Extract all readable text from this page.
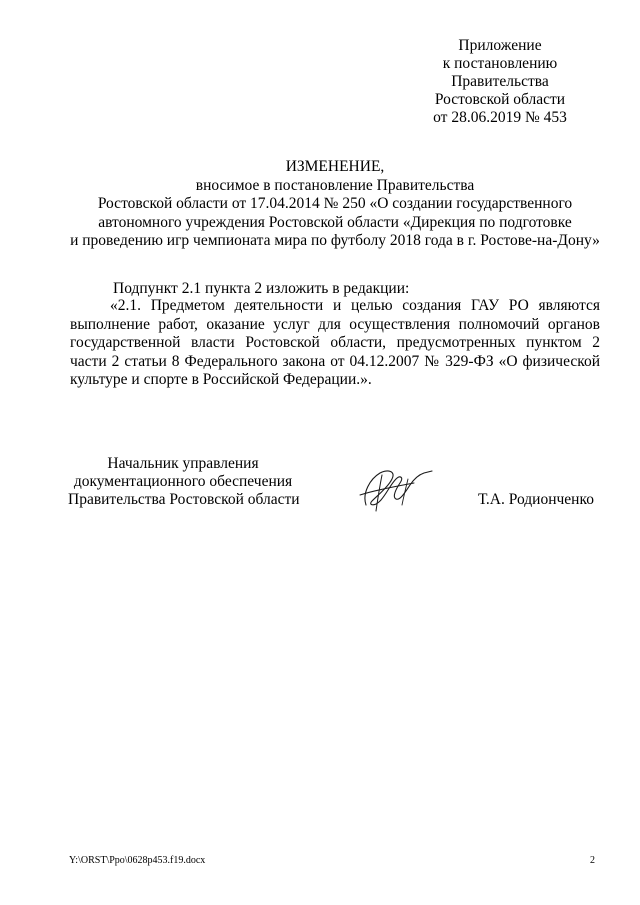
Приложение
к постановлению
Правительства
Ростовской области
от 28.06.2019 № 453
ИЗМЕНЕНИЕ,
вносимое в постановление Правительства
Ростовской области от 17.04.2014 № 250 «О создании государственного
автономного учреждения Ростовской области «Дирекция по подготовке
и проведению игр чемпионата мира по футболу 2018 года в г. Ростове-на-Дону»
Подпункт 2.1 пункта 2 изложить в редакции:
«2.1. Предметом деятельности и целью создания ГАУ РО являются
выполнение работ, оказание услуг для осуществления полномочий органов
государственной власти Ростовской области, предусмотренных пунктом 2
части 2 статьи 8 Федерального закона от 04.12.2007 № 329-ФЗ «О физической
культуре и спорте в Российской Федерации.».
Начальник управления
документационного обеспечения
Правительства Ростовской области	Т.А. Родионченко
Y:\ORST\Ppo\0628p453.f19.docx	2
